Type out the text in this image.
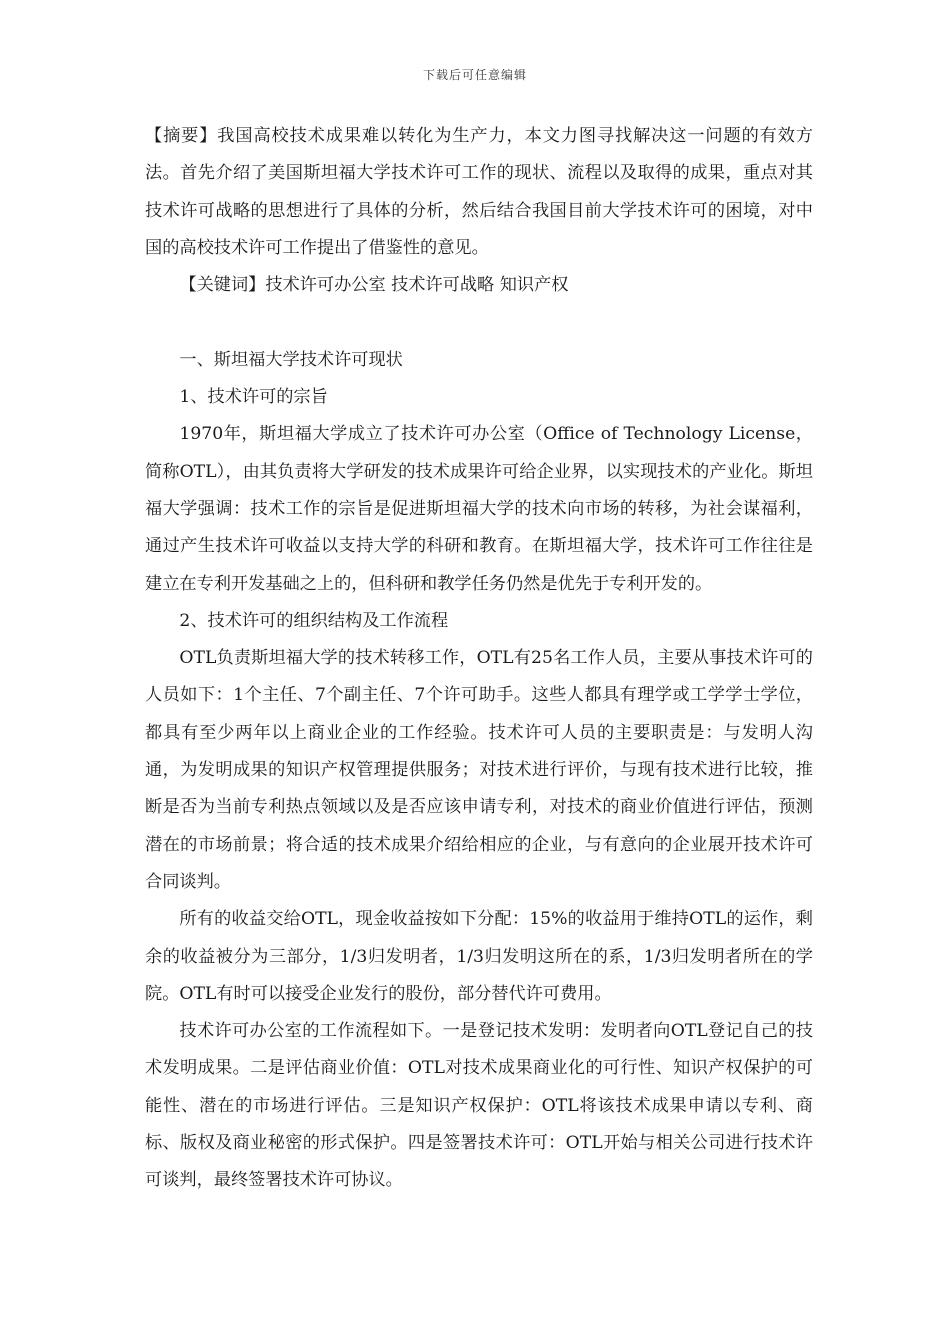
下载后可任意编辑

【摘要】我国高校技术成果难以转化为生产力，本文力图寻找解决这一问题的有效方法。首先介绍了美国斯坦福大学技术许可工作的现状、流程以及取得的成果，重点对其技术许可战略的思想进行了具体的分析，然后结合我国目前大学技术许可的困境，对中国的高校技术许可工作提出了借鉴性的意见。

【关键词】技术许可办公室 技术许可战略 知识产权

一、斯坦福大学技术许可现状

1、技术许可的宗旨

1970年，斯坦福大学成立了技术许可办公室（Office of Technology License，简称OTL），由其负责将大学研发的技术成果许可给企业界，以实现技术的产业化。斯坦福大学强调：技术工作的宗旨是促进斯坦福大学的技术向市场的转移，为社会谋福利，通过产生技术许可收益以支持大学的科研和教育。在斯坦福大学，技术许可工作往往是建立在专利开发基础之上的，但科研和教学任务仍然是优先于专利开发的。

2、技术许可的组织结构及工作流程

OTL负责斯坦福大学的技术转移工作，OTL有25名工作人员，主要从事技术许可的人员如下：1个主任、7个副主任、7个许可助手。这些人都具有理学或工学学士学位，都具有至少两年以上商业企业的工作经验。技术许可人员的主要职责是：与发明人沟通，为发明成果的知识产权管理提供服务；对技术进行评价，与现有技术进行比较，推断是否为当前专利热点领域以及是否应该申请专利，对技术的商业价值进行评估，预测潜在的市场前景；将合适的技术成果介绍给相应的企业，与有意向的企业展开技术许可合同谈判。

所有的收益交给OTL，现金收益按如下分配：15%的收益用于维持OTL的运作，剩余的收益被分为三部分，1/3归发明者，1/3归发明这所在的系，1/3归发明者所在的学院。OTL有时可以接受企业发行的股份，部分替代许可费用。

技术许可办公室的工作流程如下。一是登记技术发明：发明者向OTL登记自己的技术发明成果。二是评估商业价值：OTL对技术成果商业化的可行性、知识产权保护的可能性、潜在的市场进行评估。三是知识产权保护：OTL将该技术成果申请以专利、商标、版权及商业秘密的形式保护。四是签署技术许可：OTL开始与相关公司进行技术许可谈判，最终签署技术许可协议。
